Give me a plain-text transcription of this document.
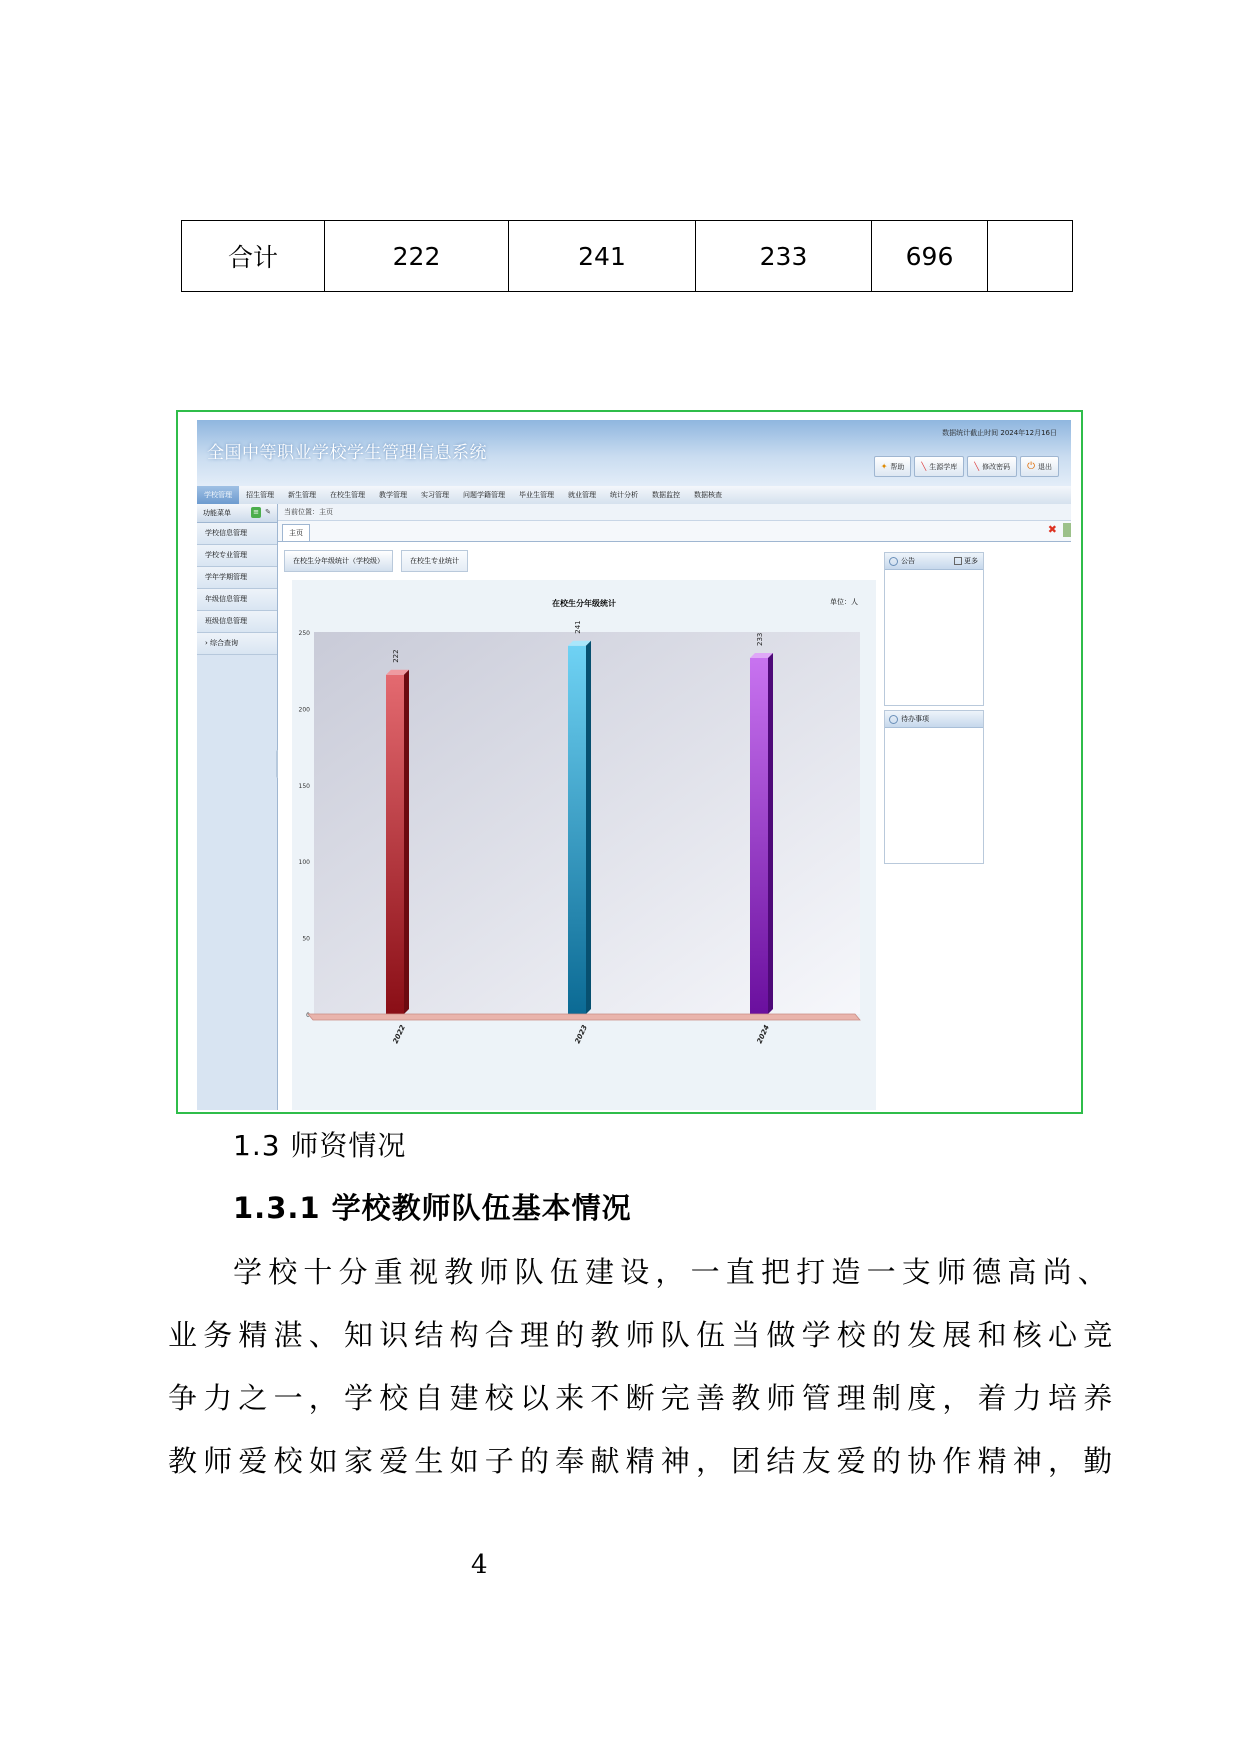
合计	222	241	233	696	
全国中等职业学校学生管理信息系统
数据统计截止时间 2024年12月16日
✦ 帮助 ╲ 生源学库 ╲ 修改密码 ⏻ 退出
学校管理	招生管理	新生管理	在校生管理	教学管理	实习管理	问题学籍管理	毕业生管理	就业管理	统计分析	数据监控	数据核查
功能菜单	≡ ✎
学校信息管理
学校专业管理
学年学期管理
年级信息管理
班级信息管理
› 综合查询
当前位置：主页
主页	✖
在校生分年级统计（学校级）	在校生专业统计
在校生分年级统计	单位：人
0
50
100
150
200
250
222
241
233
2022	2023	2024
公告	更多
待办事项
1.3 师资情况
1.3.1 学校教师队伍基本情况
学校十分重视教师队伍建设，一直把打造一支师德高尚、
业务精湛、知识结构合理的教师队伍当做学校的发展和核心竞
争力之一，学校自建校以来不断完善教师管理制度，着力培养
教师爱校如家爱生如子的奉献精神，团结友爱的协作精神，勤
4
